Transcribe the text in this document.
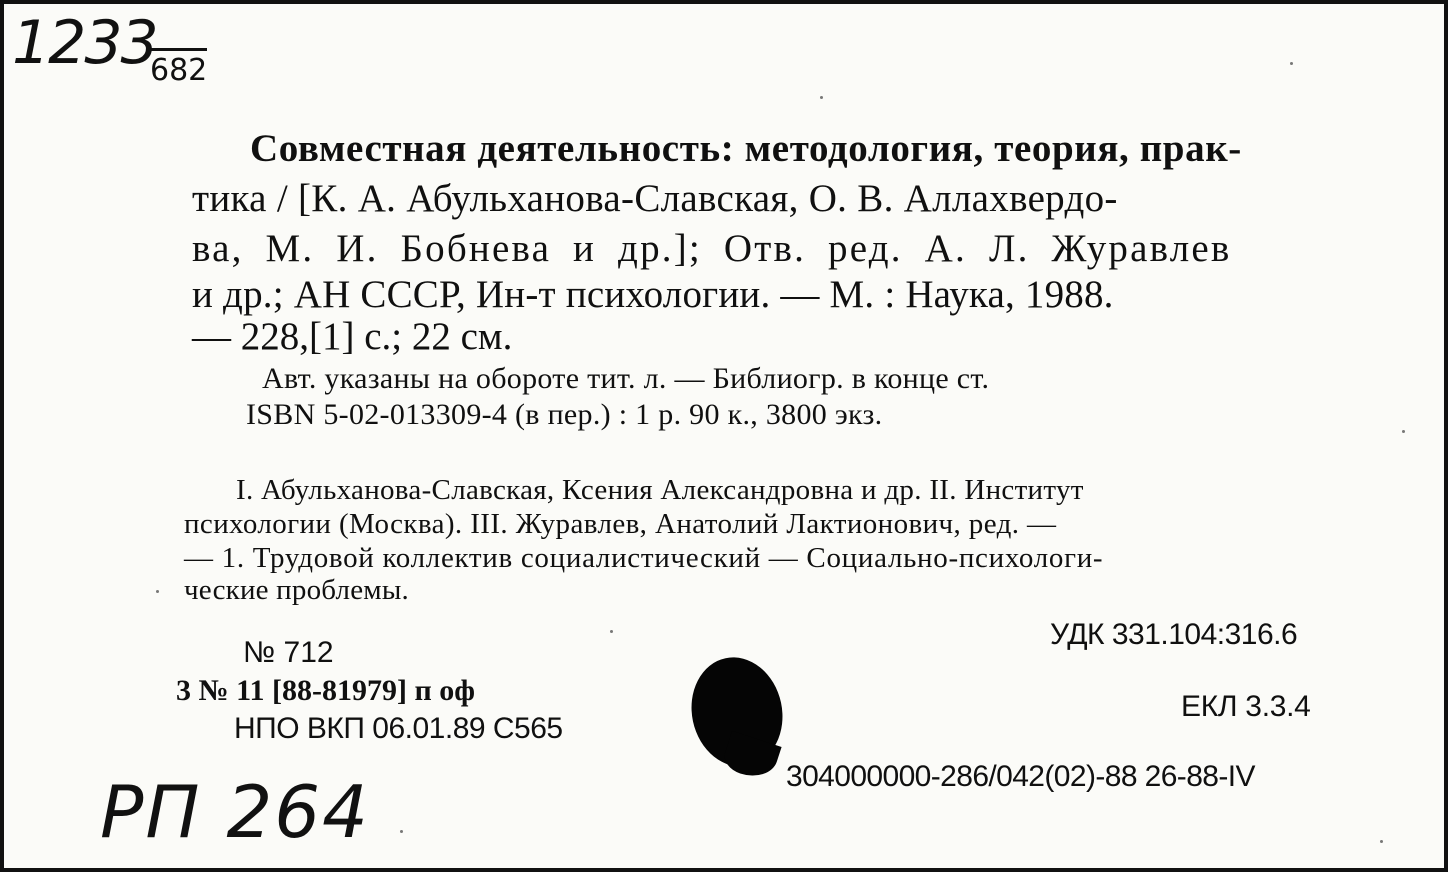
1233
682
Совместная деятельность: методология, теория, прак-
тика / [К. А. Абульханова-Славская, О. В. Аллахвердо-
ва, М. И. Бобнева и др.]; Отв. ред. А. Л. Журавлев
и др.; АН СССР, Ин-т психологии. — М. : Наука, 1988.
— 228,[1] с.; 22 см.
Авт. указаны на обороте тит. л. — Библиогр. в конце ст.
ISBN 5-02-013309-4 (в пер.) : 1 р. 90 к., 3800 экз.
I. Абульханова-Славская, Ксения Александровна и др. II. Институт
психологии (Москва). III. Журавлев, Анатолий Лактионович, ред. —
— 1. Трудовой коллектив социалистический — Социально-психологи-
ческие проблемы.
№ 712
3 № 11 [88-81979] п оф
НПО ВКП 06.01.89 С565
УДК 331.104:316.6
ЕКЛ 3.3.4
304000000-286/042(02)-88 26-88-IV
РП 264
